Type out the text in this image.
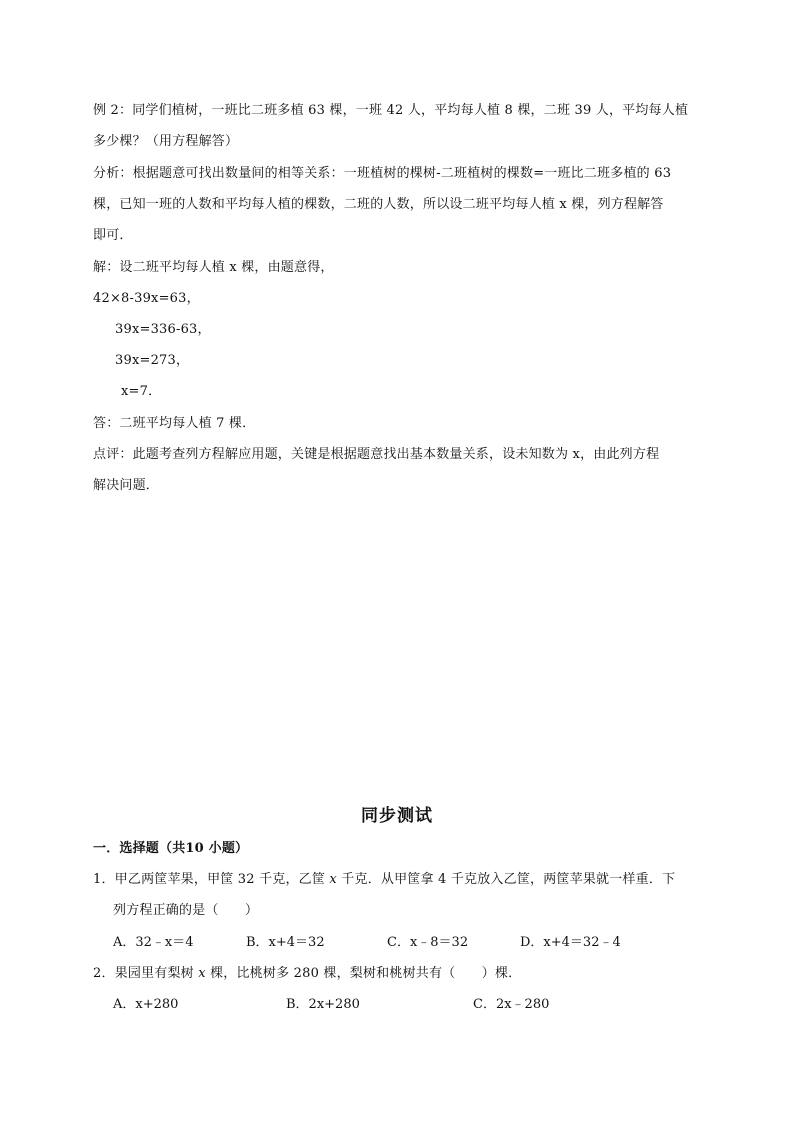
例 2：同学们植树，一班比二班多植 63 棵，一班 42 人，平均每人植 8 棵，二班 39 人，平均每人植
多少棵？（用方程解答）
分析：根据题意可找出数量间的相等关系：一班植树的棵树-二班植树的棵数=一班比二班多植的 63
棵，已知一班的人数和平均每人植的棵数，二班的人数，所以设二班平均每人植 x 棵，列方程解答
即可．
解：设二班平均每人植 x 棵，由题意得，
42×8-39x=63，
39x=336-63，
39x=273，
x=7．
答：二班平均每人植 7 棵．
点评：此题考查列方程解应用题，关键是根据题意找出基本数量关系，设未知数为 x，由此列方程
解决问题．
同步测试
一．选择题（共10 小题）
1．甲乙两筐苹果，甲筐 32 千克，乙筐 x 千克．从甲筐拿 4 千克放入乙筐，两筐苹果就一样重．下
列方程正确的是（　　）
A．32﹣x＝4	B．x+4＝32	C．x﹣8＝32	D．x+4＝32﹣4
2．果园里有梨树 x 棵，比桃树多 280 棵，梨树和桃树共有（　　）棵．
A．x+280	B．2x+280	C．2x﹣280
